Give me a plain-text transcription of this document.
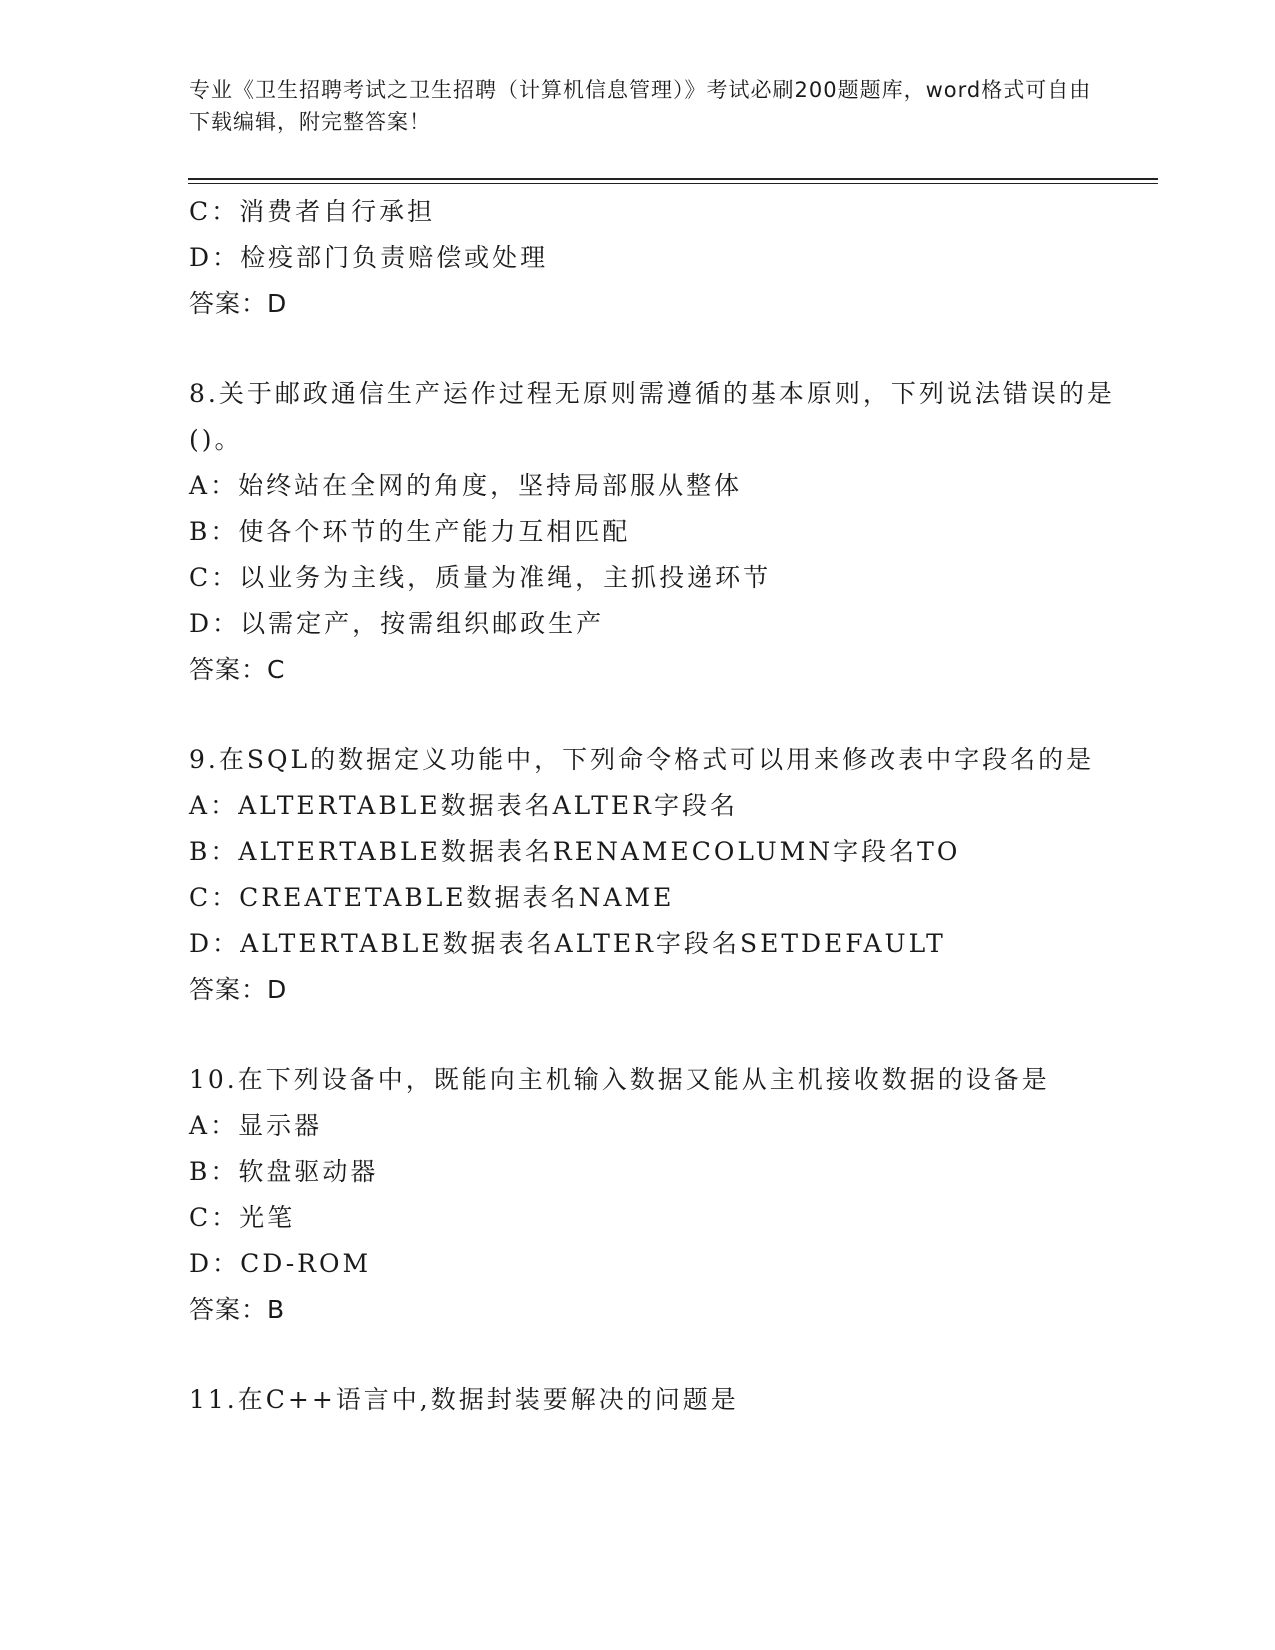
专业《卫生招聘考试之卫生招聘（计算机信息管理）》考试必刷200题题库，word格式可自由下载编辑，附完整答案！
C：消费者自行承担
D：检疫部门负责赔偿或处理
答案：D
8.关于邮政通信生产运作过程无原则需遵循的基本原则，下列说法错误的是()。
A：始终站在全网的角度，坚持局部服从整体
B：使各个环节的生产能力互相匹配
C：以业务为主线，质量为准绳，主抓投递环节
D：以需定产，按需组织邮政生产
答案：C
9.在SQL的数据定义功能中，下列命令格式可以用来修改表中字段名的是
A：ALTERTABLE数据表名ALTER字段名
B：ALTERTABLE数据表名RENAMECOLUMN字段名TO
C：CREATETABLE数据表名NAME
D：ALTERTABLE数据表名ALTER字段名SETDEFAULT
答案：D
10.在下列设备中，既能向主机输入数据又能从主机接收数据的设备是
A：显示器
B：软盘驱动器
C：光笔
D：CD-ROM
答案：B
11.在C++语言中,数据封装要解决的问题是
